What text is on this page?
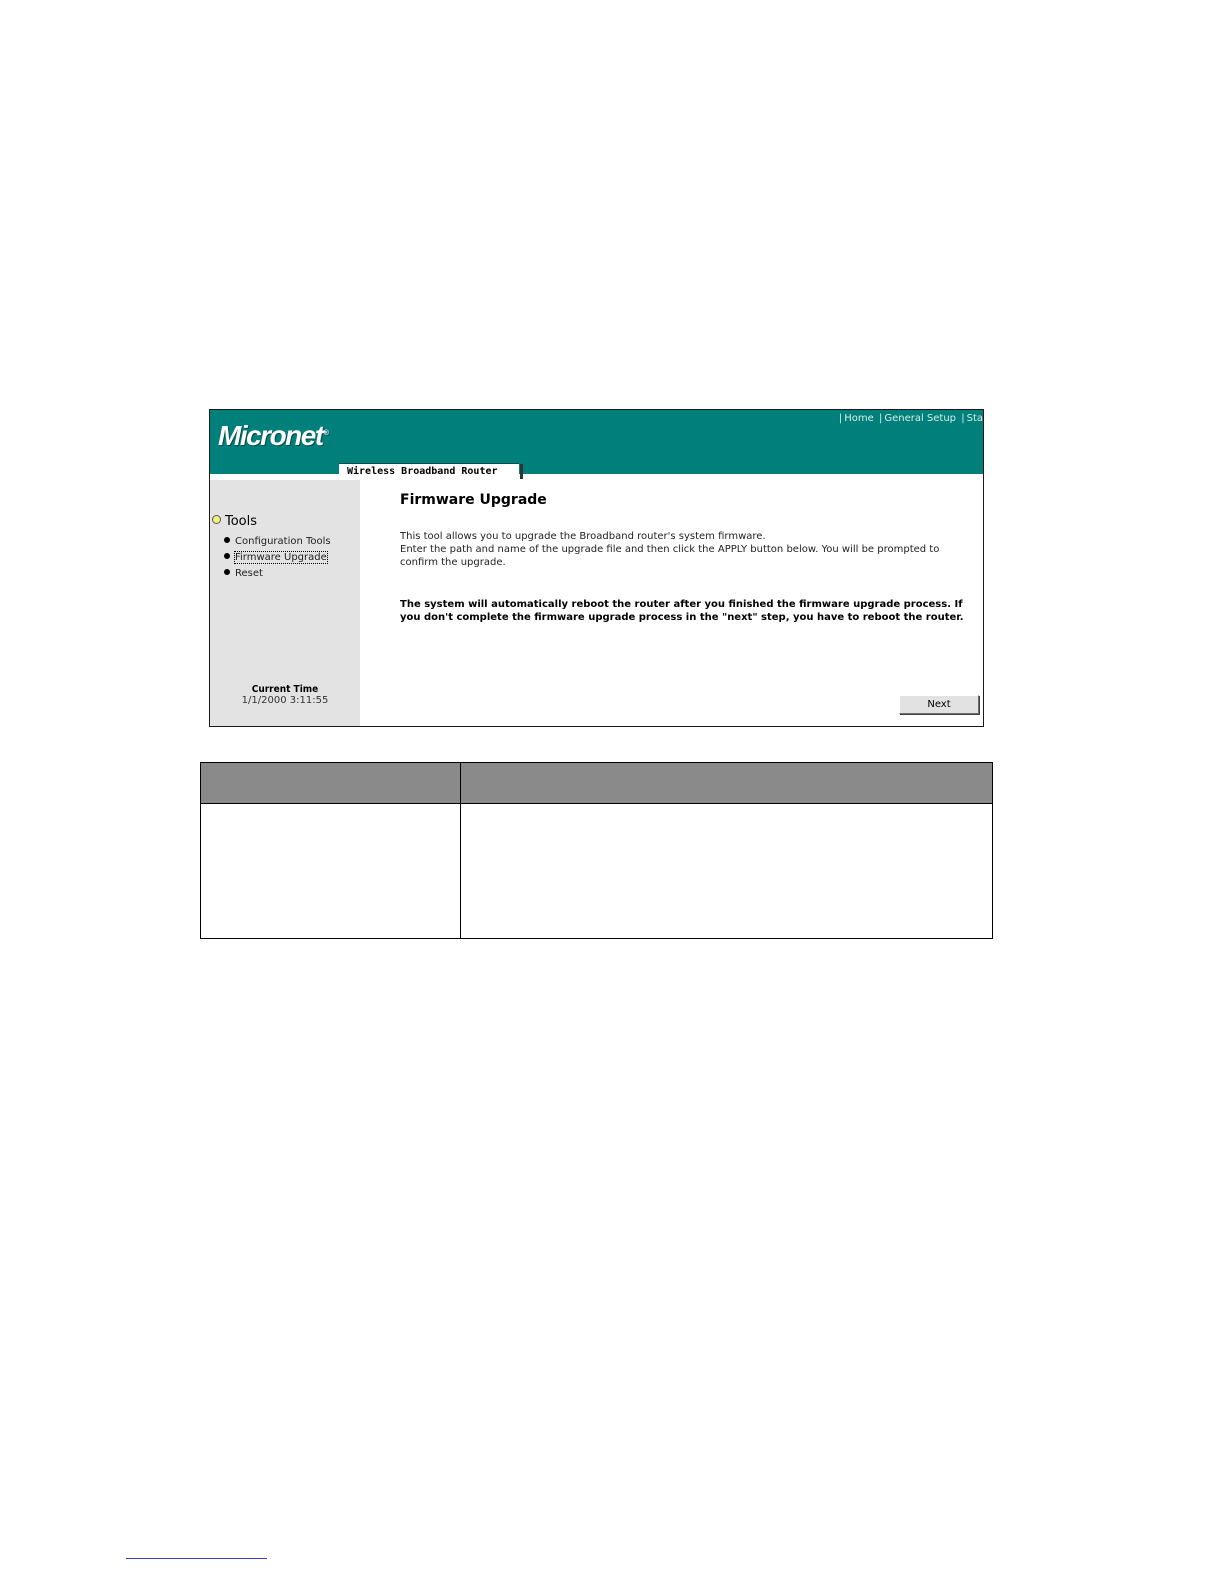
Micronet®
| Home | General Setup | Sta
Wireless Broadband Router
Tools
Configuration Tools
Firmware Upgrade
Reset
Current Time
1/1/2000 3:11:55
Firmware Upgrade
This tool allows you to upgrade the Broadband router's system firmware.
Enter the path and name of the upgrade file and then click the APPLY button below. You will be prompted to confirm the upgrade.
The system will automatically reboot the router after you finished the firmware upgrade process. If you don't complete the firmware upgrade process in the "next" step, you have to reboot the router.
Next
